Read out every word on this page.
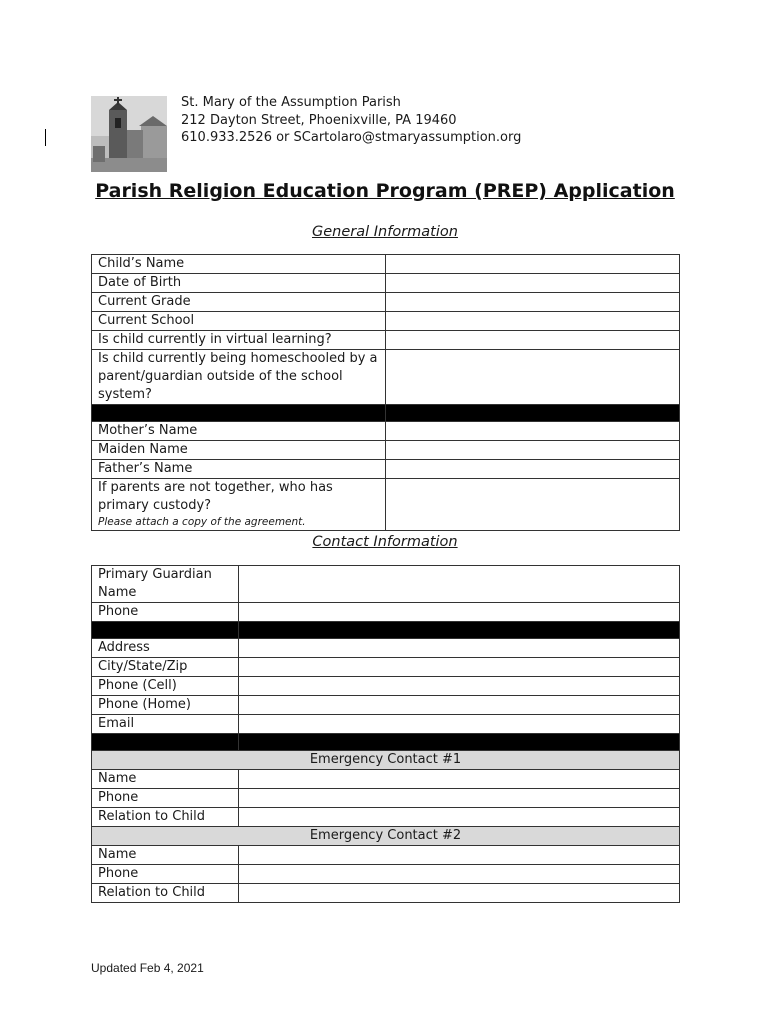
St. Mary of the Assumption Parish
212 Dayton Street, Phoenixville, PA 19460
610.933.2526 or SCartolaro@stmaryassumption.org
Parish Religion Education Program (PREP) Application
General Information
Child’s Name	
Date of Birth	
Current Grade	
Current School	
Is child currently in virtual learning?	
Is child currently being homeschooled by a parent/guardian outside of the school system?	

Mother’s Name	
Maiden Name	
Father’s Name	
If parents are not together, who has primary custody?
Please attach a copy of the agreement.	

Contact Information
Primary Guardian Name	
Phone	

Address	
City/State/Zip	
Phone (Cell)	
Phone (Home)	
Email	

Emergency Contact #1	
Name	
Phone	
Relation to Child	
Emergency Contact #2	
Name	
Phone	
Relation to Child	
Updated Feb 4, 2021
